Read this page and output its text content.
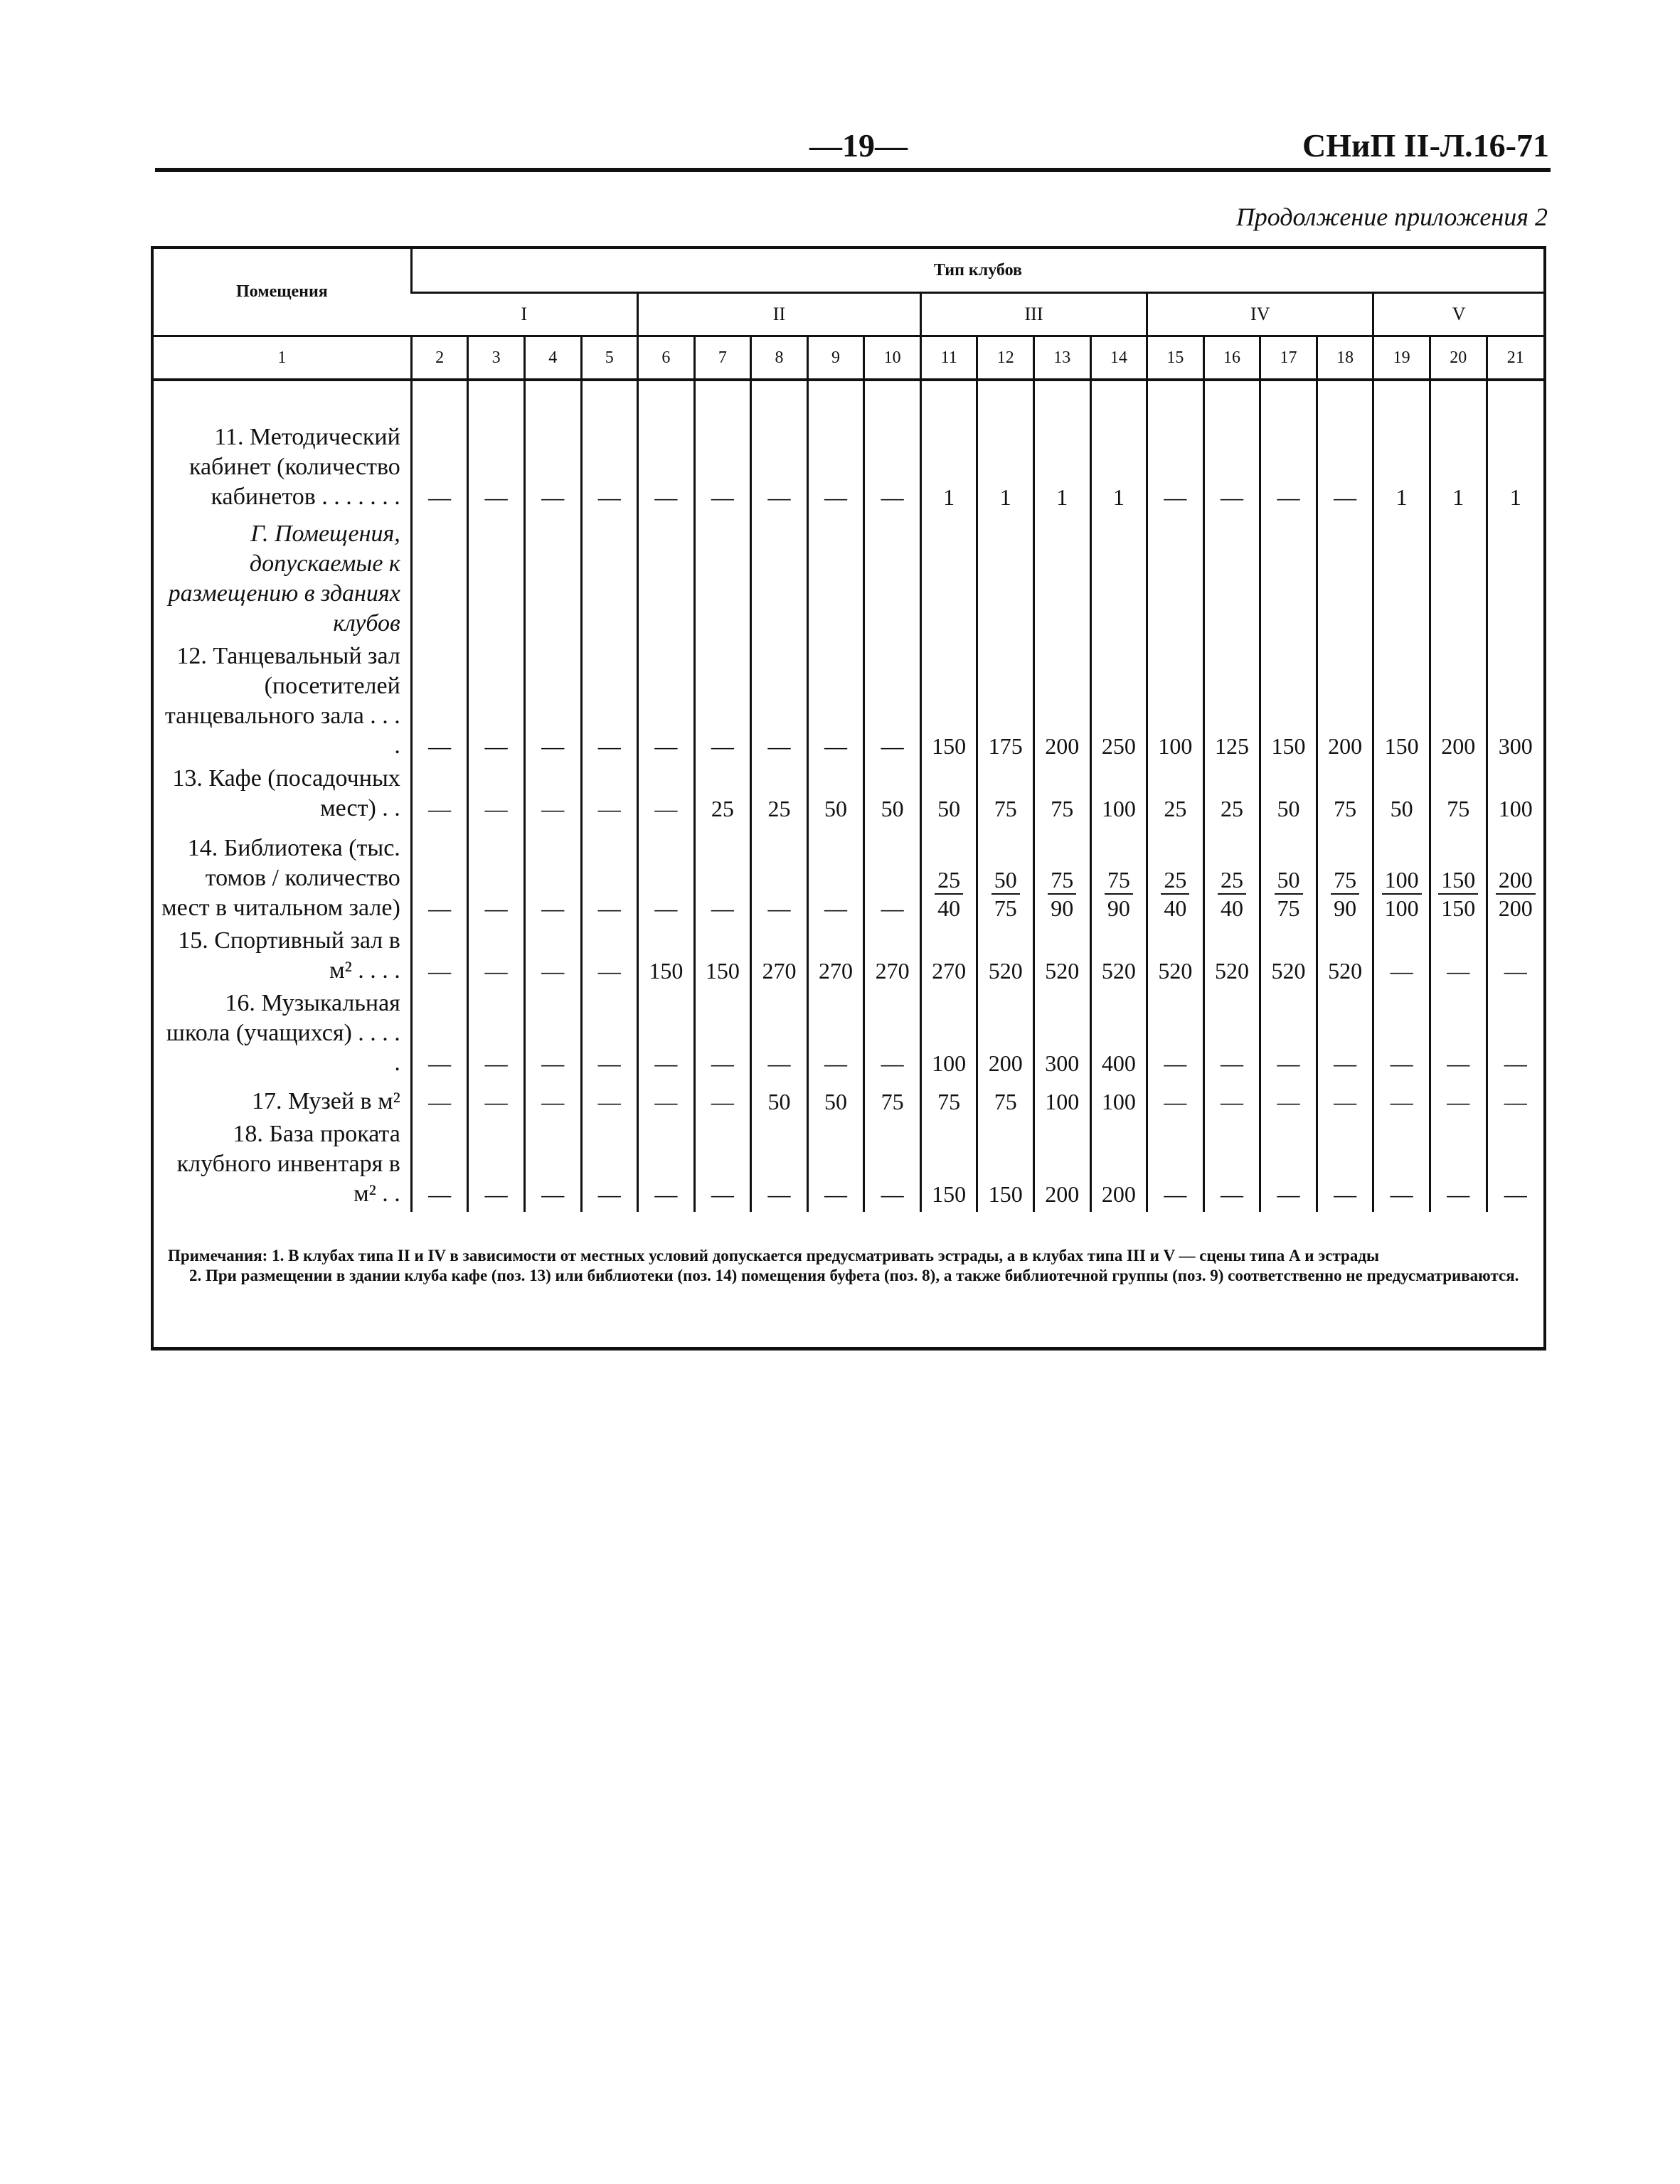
—19—	СНиП II-Л.16-71
Продолжение приложения 2
Помещения	Тип клубов																			
	I				II					III				IV				V		
1	2	3	4	5	6	7	8	9	10	11	12	13	14	15	16	17	18	19	20	21
11. Методический кабинет (количество кабинетов . . . . . . .	—	—	—	—	—	—	—	—	—	1	1	1	1	—	—	—	—	1	1	1
Г. Помещения, допускаемые к размещению в зданиях клубов																				
12. Танцевальный зал (посетителей танцевального зала . . . .	—	—	—	—	—	—	—	—	—	150	175	200	250	100	125	150	200	150	200	300
13. Кафе (посадочных мест) . .	—	—	—	—	—	25	25	50	50	50	75	75	100	25	25	50	75	50	75	100
14. Библиотека (тыс. томов / количество мест в читальном зале)	—	—	—	—	—	—	—	—	—	$\frac{25}{40}$	$\frac{50}{75}$	$\frac{75}{90}$	$\frac{75}{90}$	$\frac{25}{40}$	$\frac{25}{40}$	$\frac{50}{75}$	$\frac{75}{90}$	$\frac{100}{100}$	$\frac{150}{150}$	$\frac{200}{200}$

15. Спортивный зал в м² . . . .	—	—	—	—	150	150	270	270	270	270	520	520	520	520	520	520	520	—	—	—
16. Музыкальная школа (учащихся) . . . . .	—	—	—	—	—	—	—	—	—	100	200	300	400	—	—	—	—	—	—	—
17. Музей в м²	—	—	—	—	—	—	50	50	75	75	75	100	100	—	—	—	—	—	—	—
18. База проката клубного инвентаря в м² . .	—	—	—	—	—	—	—	—	—	150	150	200	200	—	—	—	—	—	—	—

Примечания: 1. В клубах типа II и IV в зависимости от местных условий допускается предусматривать эстрады, а в клубах типа III и V — сцены типа А и эстрады

2. При размещении в здании клуба кафе (поз. 13) или библиотеки (поз. 14) помещения буфета (поз. 8), а также библиотечной группы (поз. 9) соответственно не предусматриваются.
